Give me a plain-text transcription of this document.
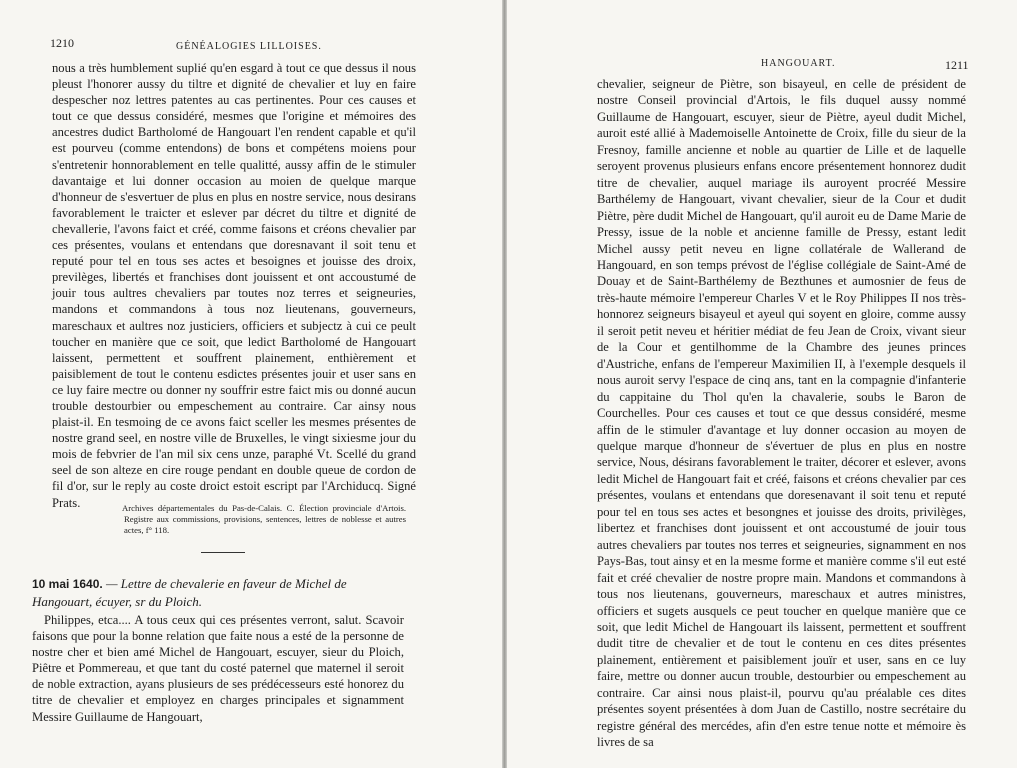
1210	GÉNÉALOGIES LILLOISES.

nous a très humblement suplié qu'en esgard à tout ce que dessus il nous pleust l'honorer aussy du tiltre et dignité de chevalier et luy en faire despescher noz lettres patentes au cas pertinentes. Pour ces causes et tout ce que dessus considéré, mesmes que l'origine et mémoires des ancestres dudict Bartholomé de Hangouart l'en rendent capable et qu'il est pourveu (comme entendons) de bons et compétens moiens pour s'entretenir honnorablement en telle qualitté, aussy affin de le stimuler davantaige et lui donner occasion au moien de quelque marque d'honneur de s'esvertuer de plus en plus en nostre service, nous desirans favorablement le traicter et eslever par décret du tiltre et dignité de chevallerie, l'avons faict et créé, comme faisons et créons chevalier par ces présentes, voulans et entendans que doresnavant il soit tenu et reputé pour tel en tous ses actes et besoignes et jouisse des droix, previlèges, libertés et franchises dont jouissent et ont accoustumé de jouir tous aultres chevaliers par toutes noz terres et seigneuries, mandons et commandons à tous noz lieutenans, gouverneurs, mareschaux et aultres noz justiciers, officiers et subjectz à cui ce peult toucher en manière que ce soit, que ledict Bartholomé de Hangouart laissent, permettent et souffrent plainement, enthièrement et paisiblement de tout le contenu esdictes présentes jouir et user sans en ce luy faire mectre ou donner ny souffrir estre faict mis ou donné aucun trouble destourbier ou empeschement au contraire. Car ainsy nous plaist-il. En tesmoing de ce avons faict sceller les mesmes présentes de nostre grand seel, en nostre ville de Bruxelles, le vingt sixiesme jour du mois de febvrier de l'an mil six cens unze, paraphé Vt. Scellé du grand seel de son alteze en cire rouge pendant en double queue de cordon de fil d'or, sur le reply au coste droict estoit escript par l'Archiducq. Signé Prats.	Archives départementales du Pas-de-Calais. C. Élection provinciale d'Artois. Registre aux commissions, provisions, sentences, lettres de noblesse et autres actes, f° 118.
10 mai 1640. — Lettre de chevalerie en faveur de Michel de Hangouart, écuyer, sr du Ploich.

Philippes, etca.... A tous ceux qui ces présentes verront, salut. Scavoir faisons que pour la bonne relation que faite nous a esté de la personne de nostre cher et bien amé Michel de Hangouart, escuyer, sieur du Ploich, Piêtre et Pommereau, et que tant du costé paternel que maternel il seroit de noble extraction, ayans plusieurs de ses prédécesseurs esté honorez du titre de chevalier et employez en charges principales et signamment Messire Guillaume de Hangouart,

HANGOUART.	1211

chevalier, seigneur de Piètre, son bisayeul, en celle de président de nostre Conseil provincial d'Artois, le fils duquel aussy nommé Guillaume de Hangouart, escuyer, sieur de Piètre, ayeul dudit Michel, auroit esté allié à Mademoiselle Antoinette de Croix, fille du sieur de la Fresnoy, famille ancienne et noble au quartier de Lille et de laquelle seroyent provenus plusieurs enfans encore présentement honnorez dudit titre de chevalier, auquel mariage ils auroyent procréé Messire Barthélemy de Hangouart, vivant chevalier, sieur de la Cour et dudit Piètre, père dudit Michel de Hangouart, qu'il auroit eu de Dame Marie de Pressy, issue de la noble et ancienne famille de Pressy, estant ledit Michel aussy petit neveu en ligne collatérale de Wallerand de Hangouard, en son temps prévost de l'église collégiale de Saint-Amé de Douay et de Saint-Barthélemy de Bezthunes et aumosnier de feus de très-haute mémoire l'empereur Charles V et le Roy Philippes II nos très-honnorez seigneurs bisayeul et ayeul qui soyent en gloire, comme aussy il seroit petit neveu et héritier médiat de feu Jean de Croix, vivant sieur de la Cour et gentilhomme de la Chambre des jeunes princes d'Austriche, enfans de l'empereur Maximilien II, à l'exemple desquels il nous auroit servy l'espace de cinq ans, tant en la compagnie d'infanterie du cappitaine du Thol qu'en la chavalerie, soubs le Baron de Courchelles. Pour ces causes et tout ce que dessus considéré, mesme affin de le stimuler d'avantage et luy donner occasion au moyen de quelque marque d'honneur de s'évertuer de plus en plus en nostre service, Nous, désirans favorablement le traiter, décorer et eslever, avons ledit Michel de Hangouart fait et créé, faisons et créons chevalier par ces présentes, voulans et entendans que doresenavant il soit tenu et reputé pour tel en tous ses actes et besongnes et jouisse des droits, privilèges, libertez et franchises dont jouissent et ont accoustumé de jouir tous autres chevaliers par toutes nos terres et seigneuries, signamment en nos Pays-Bas, tout ainsy et en la mesme forme et manière comme s'il eut esté fait et créé chevalier de nostre propre main. Mandons et commandons à tous nos lieutenans, gouverneurs, mareschaux et autres ministres, officiers et sugets ausquels ce peut toucher en quelque manière que ce soit, que ledit Michel de Hangouart ils laissent, permettent et souffrent dudit titre de chevalier et de tout le contenu en ces dites présentes plainement, entièrement et paisiblement jouïr et user, sans en ce luy faire, mettre ou donner aucun trouble, destourbier ou empeschement au contraire. Car ainsi nous plaist-il, pourvu qu'au préalable ces dites présentes soyent présentées à dom Juan de Castillo, nostre secrétaire du registre général des mercédes, afin d'en estre tenue notte et mémoire ès livres de sa
